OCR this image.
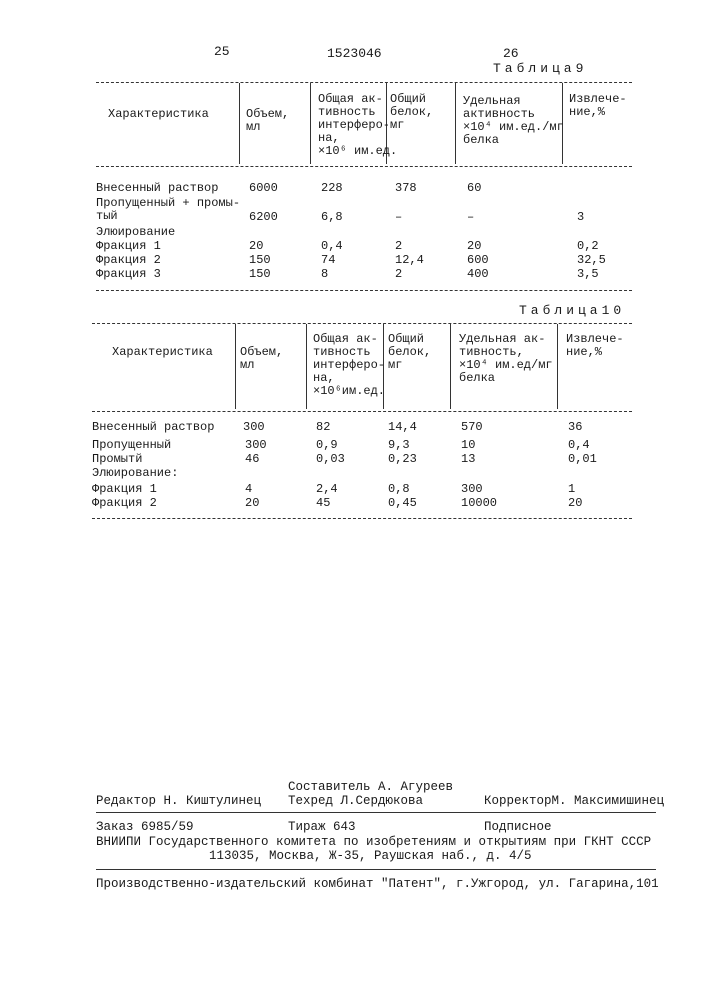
25	1523046	26
Таблица9
Характеристика	Объем,
мл
Общая ак-
тивность
интерферо-
на,
×10⁶ им.ед.
Общий
белок,
мг
Удельная
активность
×10⁴ им.ед./мг
белка
Извлече-
ние,%
Внесенный раствор	6000	228	378	60
Пропущенный + промы-
тый	6200	6,8	–	–	3
Элюирование
Фракция 1	20	0,4	2	20	0,2
Фракция 2	150	74	12,4	600	32,5
Фракция 3	150	8	2	400	3,5
Таблица10
Характеристика Объем,
мл
Общая ак-
тивность
интерферо-
на,
×10⁶им.ед.
Общий
белок,
мг
Удельная ак-
тивность,
×10⁴ им.ед/мг
белка
Извлече-
ние,%
Внесенный раствор 300	82	14,4	570	36
Пропущенный	300	0,9	9,3	10	0,4
Промытй	46	0,03	0,23	13	0,01
Элюирование:
Фракция 1	4	2,4	0,8	300	1
Фракция 2	20	45	0,45	10000	20
Составитель А. Агуреев
Редактор Н. Киштулинец Техред Л.Сердюкова	КорректорМ. Максимишинец
Заказ 6985/59	Тираж 643	Подписное
ВНИИПИ Государственного комитета по изобретениям и открытиям при ГКНТ СССР
113035, Москва, Ж-35, Раушская наб., д. 4/5
Производственно-издательский комбинат "Патент", г.Ужгород, ул. Гагарина,101
